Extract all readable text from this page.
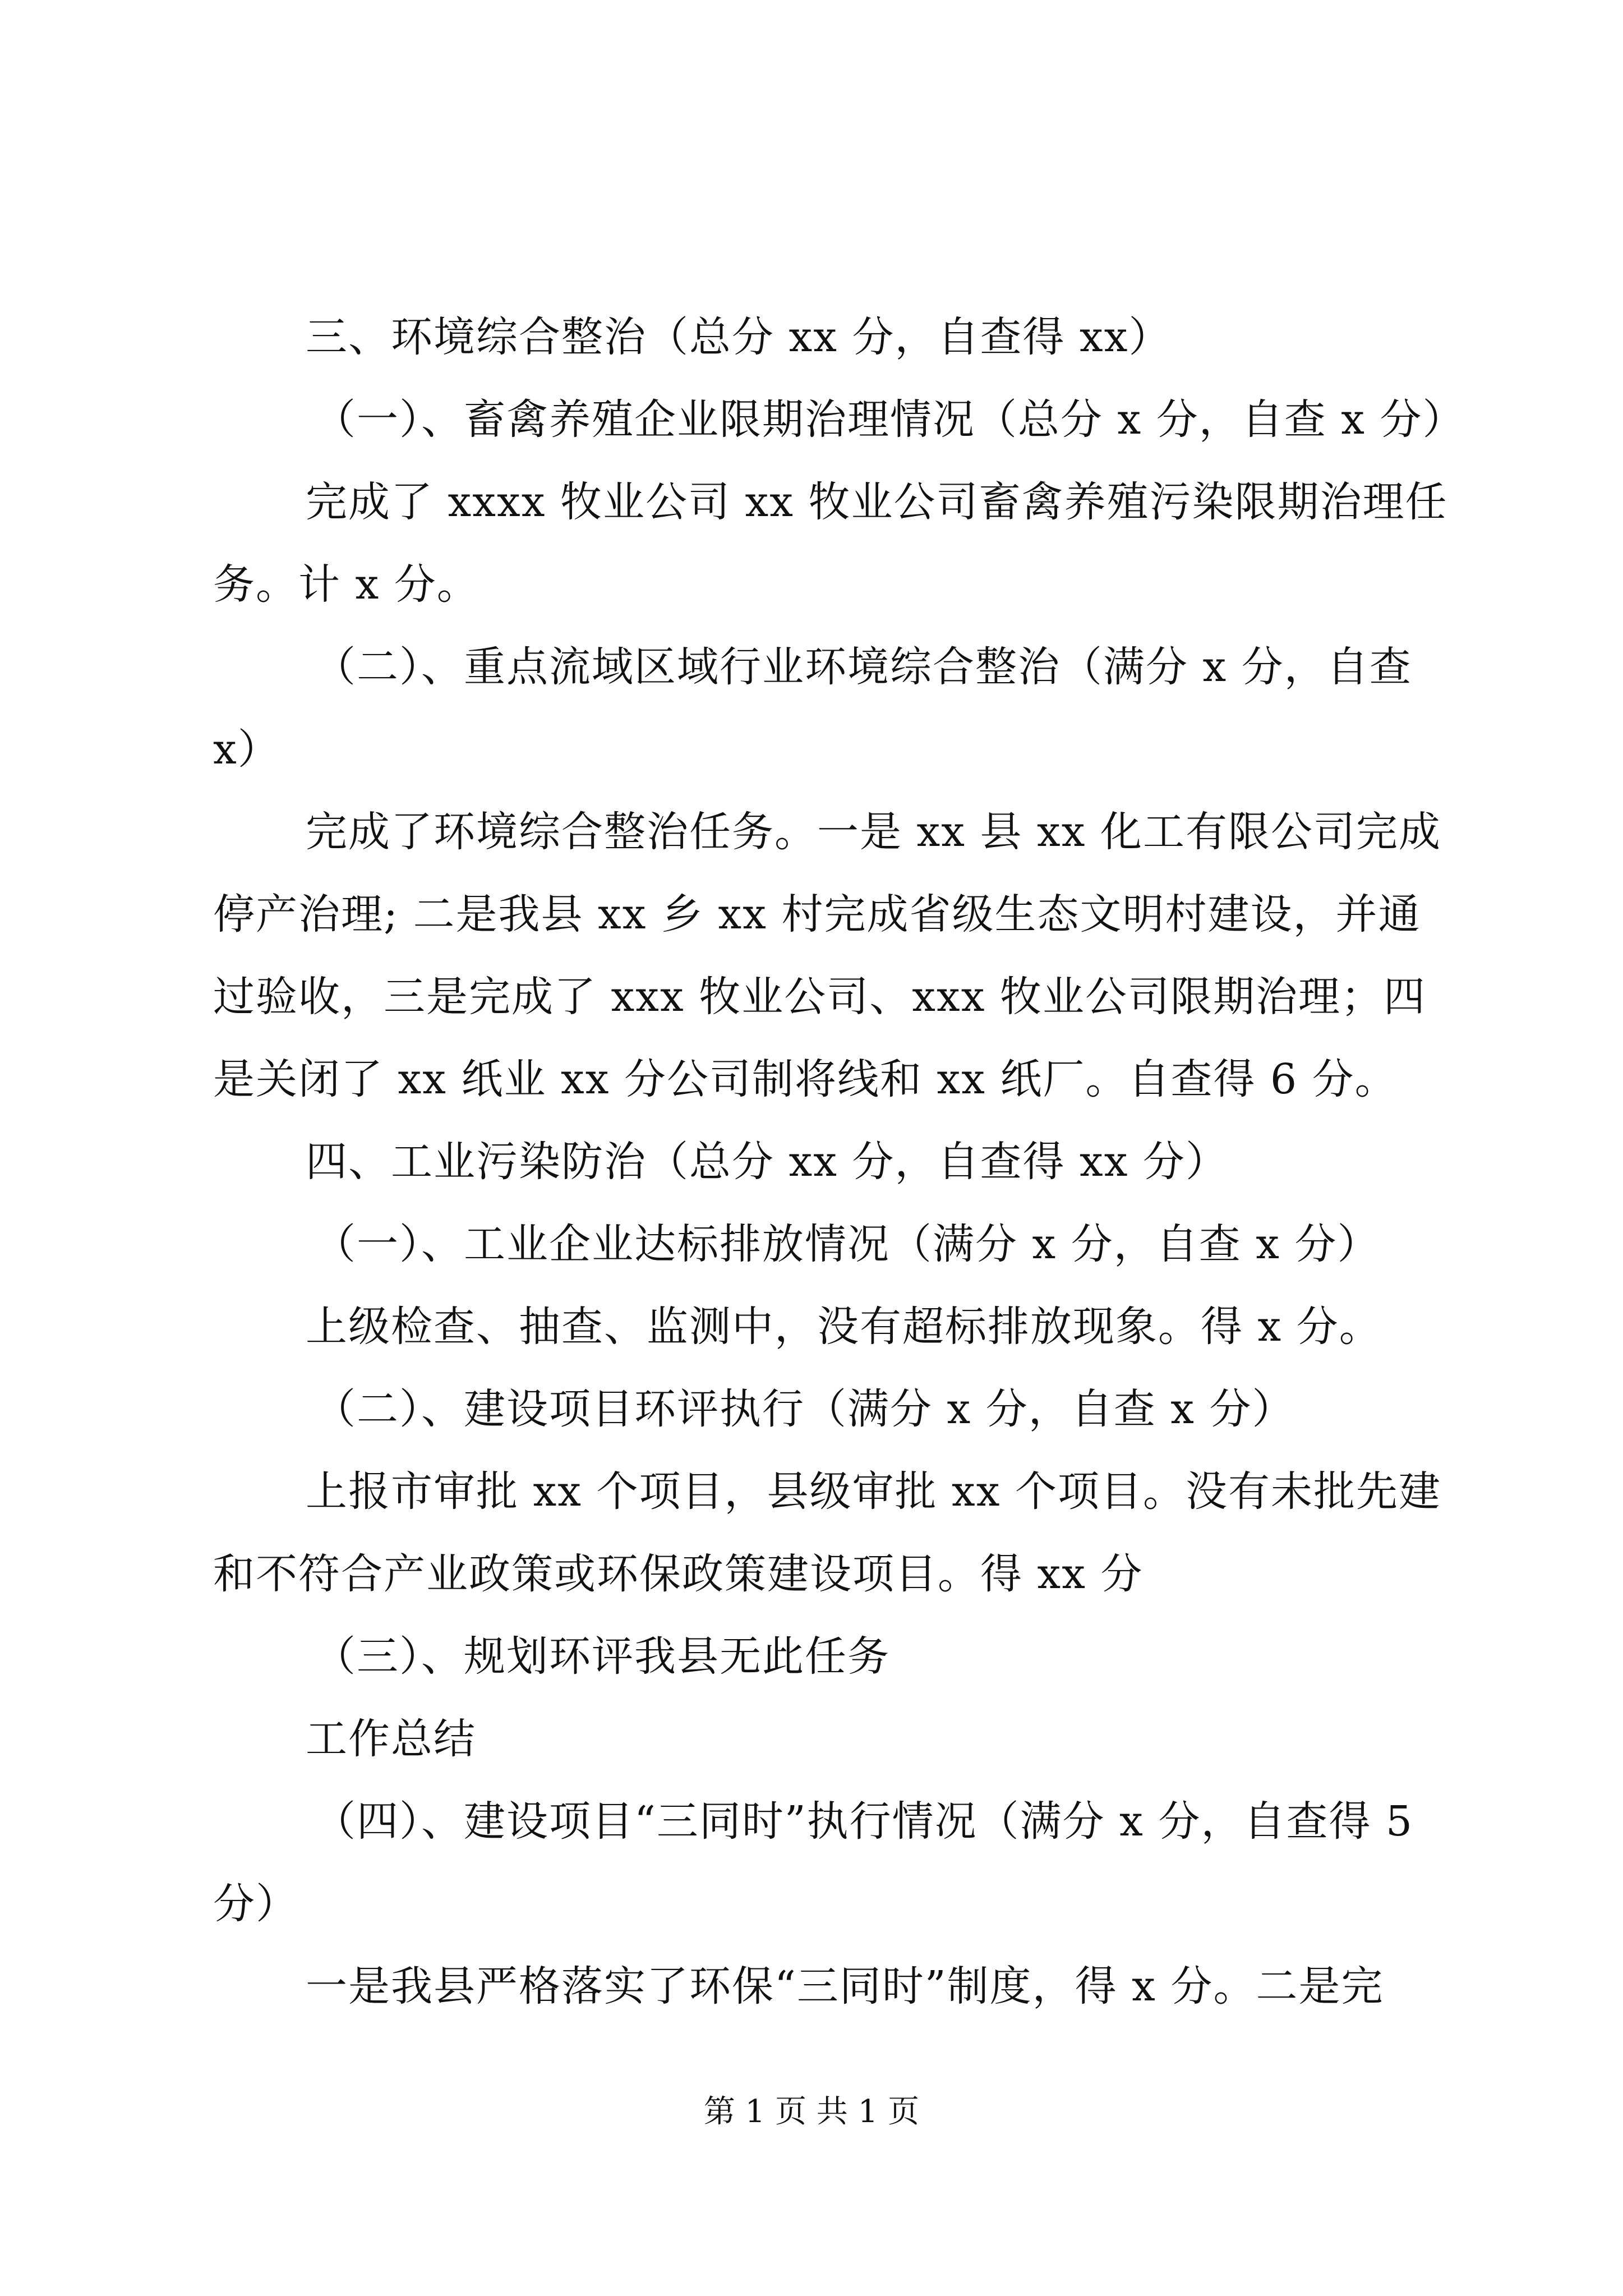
三、环境综合整治（总分 xx 分，自查得 xx）
（一）、畜禽养殖企业限期治理情况（总分 x 分，自查 x 分）
完成了 xxxx 牧业公司 xx 牧业公司畜禽养殖污染限期治理任
务。计 x 分。
（二）、重点流域区域行业环境综合整治（满分 x 分，自查
x）
完成了环境综合整治任务。一是 xx 县 xx 化工有限公司完成
停产治理; 二是我县 xx 乡 xx 村完成省级生态文明村建设，并通
过验收，三是完成了 xxx 牧业公司、xxx 牧业公司限期治理；四
是关闭了 xx 纸业 xx 分公司制将线和 xx 纸厂。自查得 6 分。
四、工业污染防治（总分 xx 分，自查得 xx 分）
（一）、工业企业达标排放情况（满分 x 分，自查 x 分）
上级检查、抽查、监测中，没有超标排放现象。得 x 分。
（二）、建设项目环评执行（满分 x 分，自查 x 分）
上报市审批 xx 个项目，县级审批 xx 个项目。没有未批先建
和不符合产业政策或环保政策建设项目。得 xx 分
（三）、规划环评我县无此任务
工作总结
（四）、建设项目“三同时”执行情况（满分 x 分，自查得 5
分）
一是我县严格落实了环保“三同时”制度，得 x 分。二是完
第 1 页 共 1 页
